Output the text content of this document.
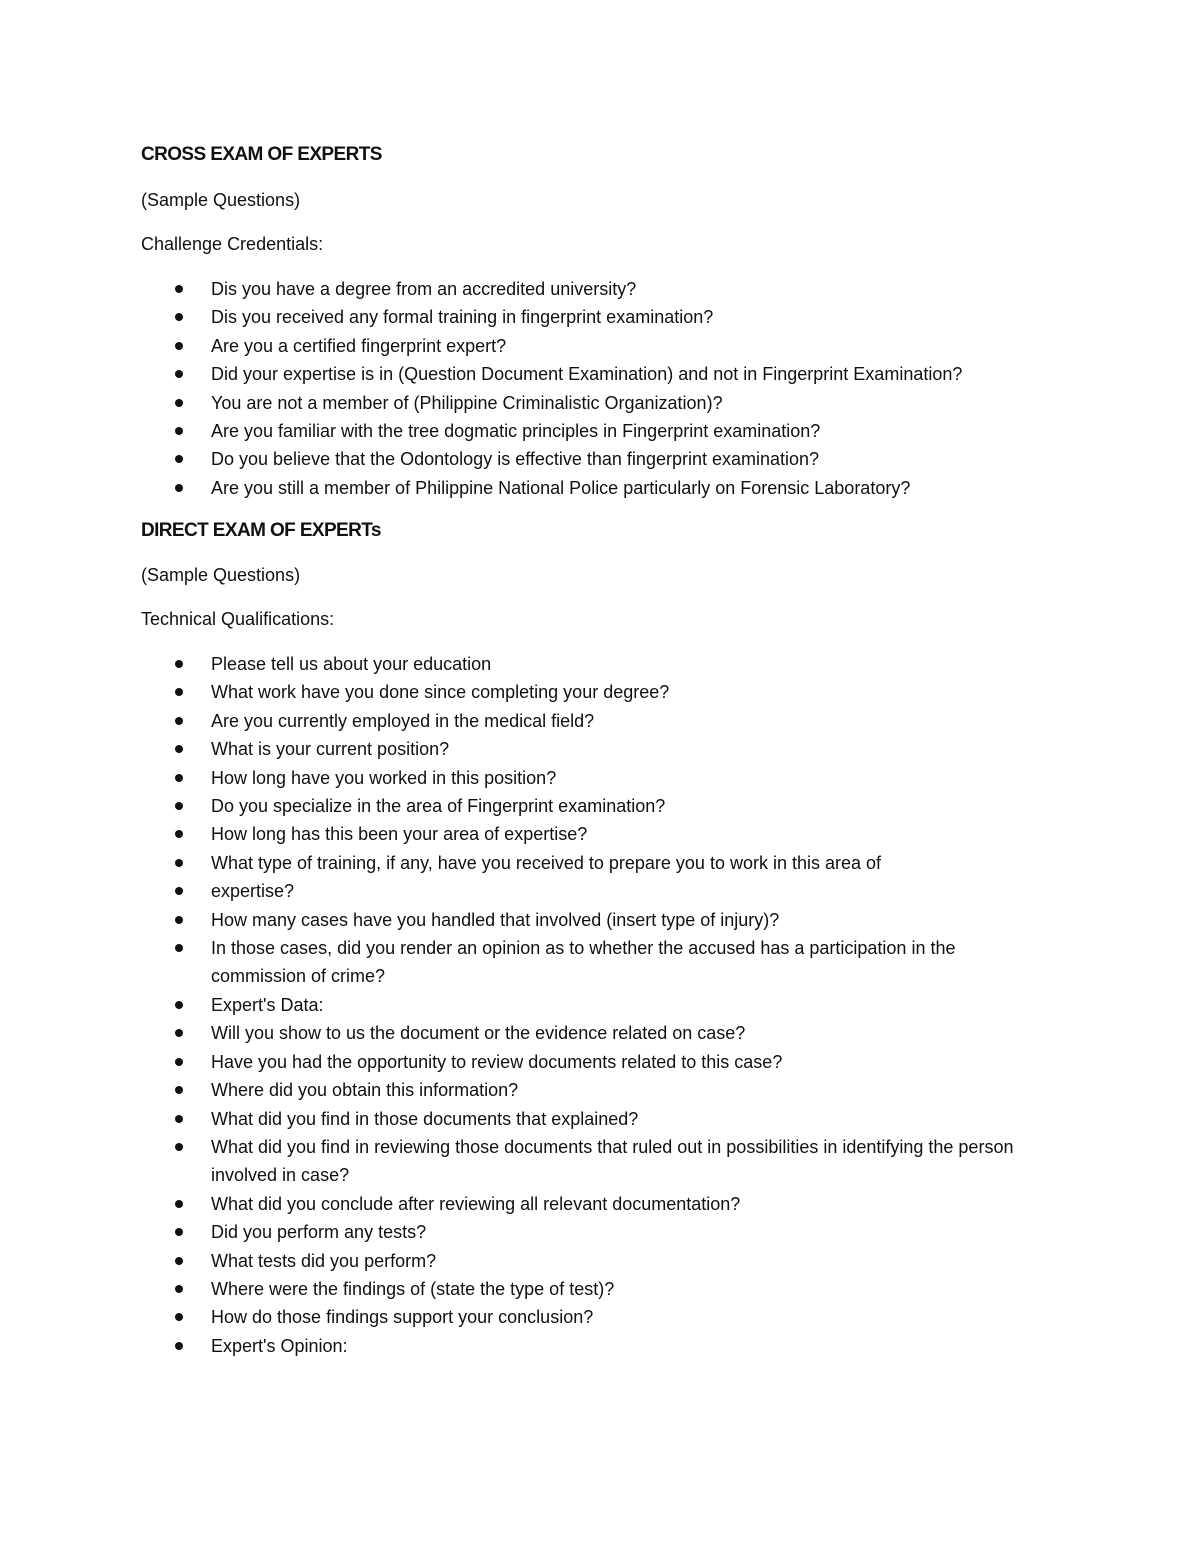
CROSS EXAM OF EXPERTS

(Sample Questions)

Challenge Credentials:

Dis you have a degree from an accredited university?
Dis you received any formal training in fingerprint examination?
Are you a certified fingerprint expert?
Did your expertise is in (Question Document Examination) and not in Fingerprint Examination?
You are not a member of (Philippine Criminalistic Organization)?
Are you familiar with the tree dogmatic principles in Fingerprint examination?
Do you believe that the Odontology is effective than fingerprint examination?
Are you still a member of Philippine National Police particularly on Forensic Laboratory?
DIRECT EXAM OF EXPERTs

(Sample Questions)

Technical Qualifications:

Please tell us about your education
What work have you done since completing your degree?
Are you currently employed in the medical field?
What is your current position?
How long have you worked in this position?
Do you specialize in the area of Fingerprint examination?
How long has this been your area of expertise?
What type of training, if any, have you received to prepare you to work in this area of
expertise?
How many cases have you handled that involved (insert type of injury)?
In those cases, did you render an opinion as to whether the accused has a participation in the commission of crime?
Expert's Data:
Will you show to us the document or the evidence related on case?
Have you had the opportunity to review documents related to this case?
Where did you obtain this information?
What did you find in those documents that explained?
What did you find in reviewing those documents that ruled out in possibilities in identifying the person involved in case?
What did you conclude after reviewing all relevant documentation?
Did you perform any tests?
What tests did you perform?
Where were the findings of (state the type of test)?
How do those findings support your conclusion?
Expert's Opinion:
